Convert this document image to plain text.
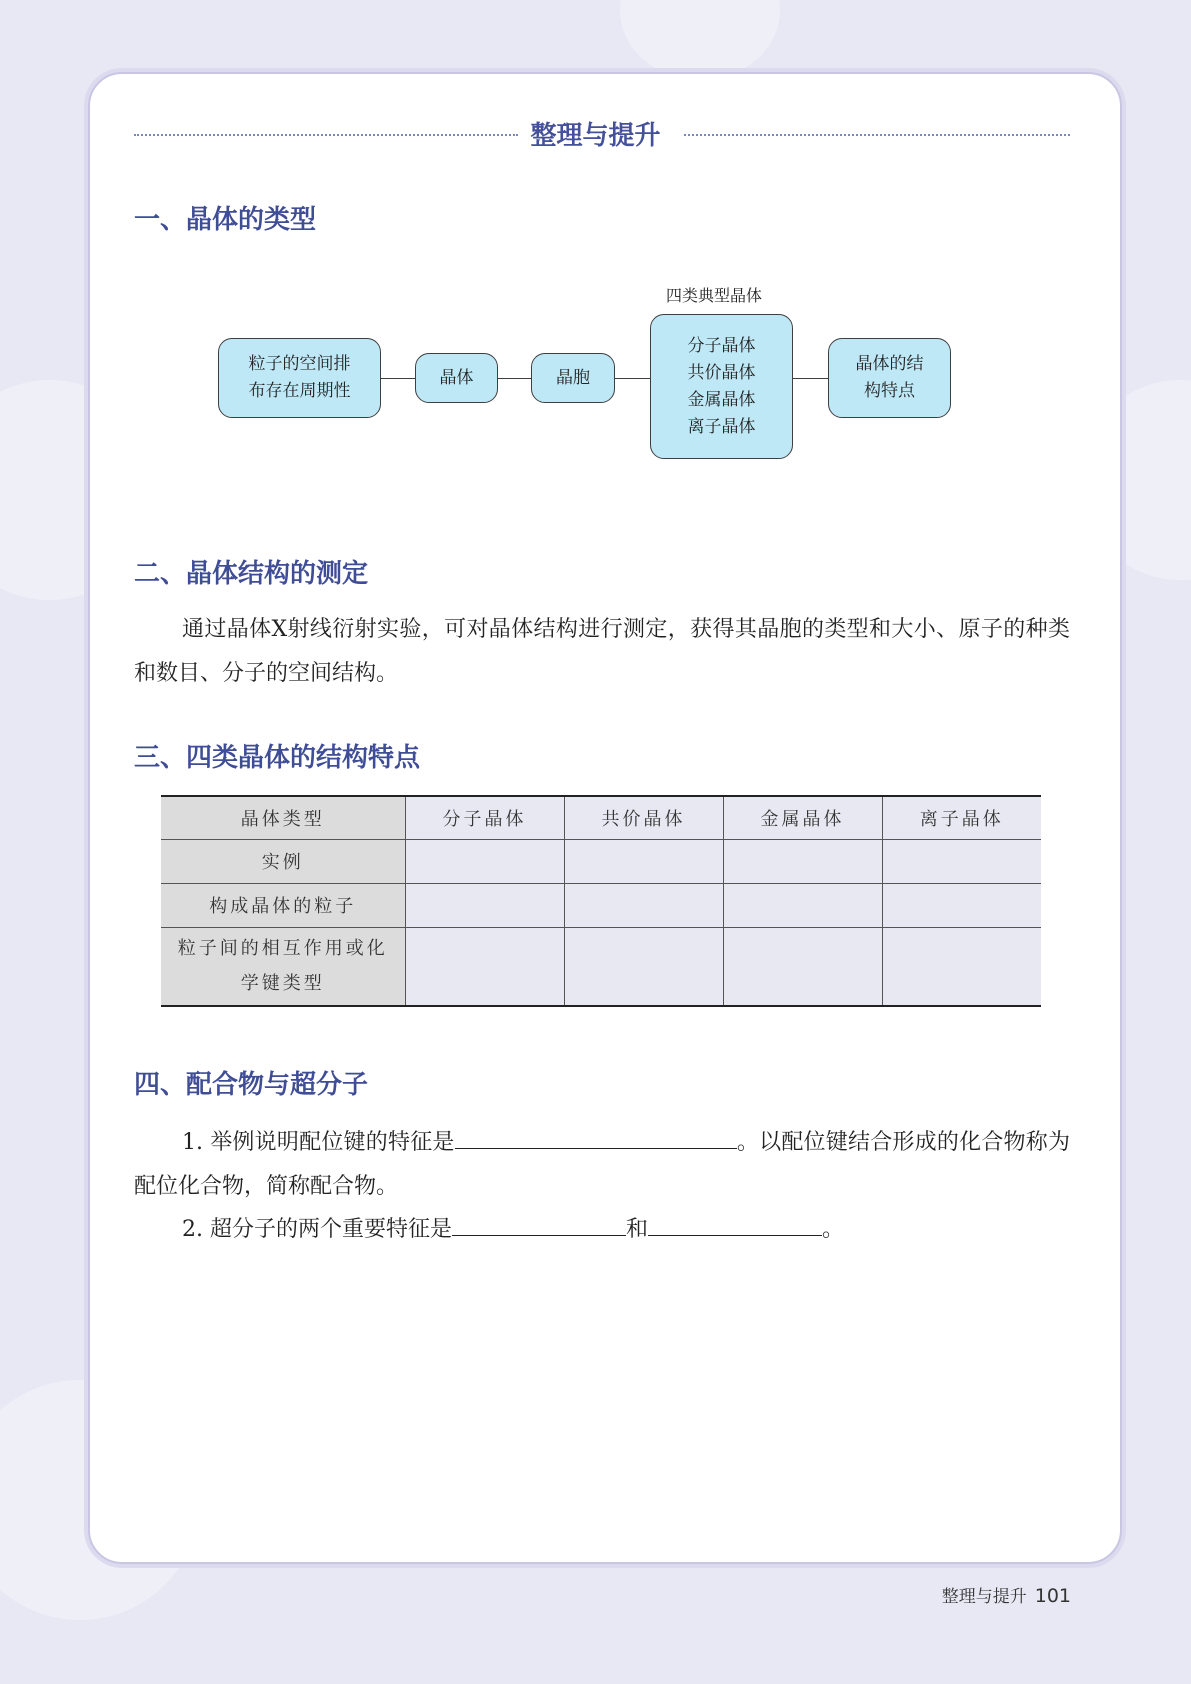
整理与提升
一、晶体的类型
四类典型晶体
粒子的空间排
布存在周期性
晶体	晶胞
分子晶体
共价晶体
金属晶体
离子晶体
晶体的结
构特点
二、晶体结构的测定
通过晶体X射线衍射实验，可对晶体结构进行测定，获得其晶胞的类型和大小、原子的种类和数目、分子的空间结构。
三、四类晶体的结构特点
晶体类型	分子晶体	共价晶体	金属晶体	离子晶体
实例				
构成晶体的粒子				
粒子间的相互作用或化
学键类型				
四、配合物与超分子
1. 举例说明配位键的特征是	。以配位键结合形成的化合物称为配位化合物，简称配合物。
2. 超分子的两个重要特征是	和	。
整理与提升 101
